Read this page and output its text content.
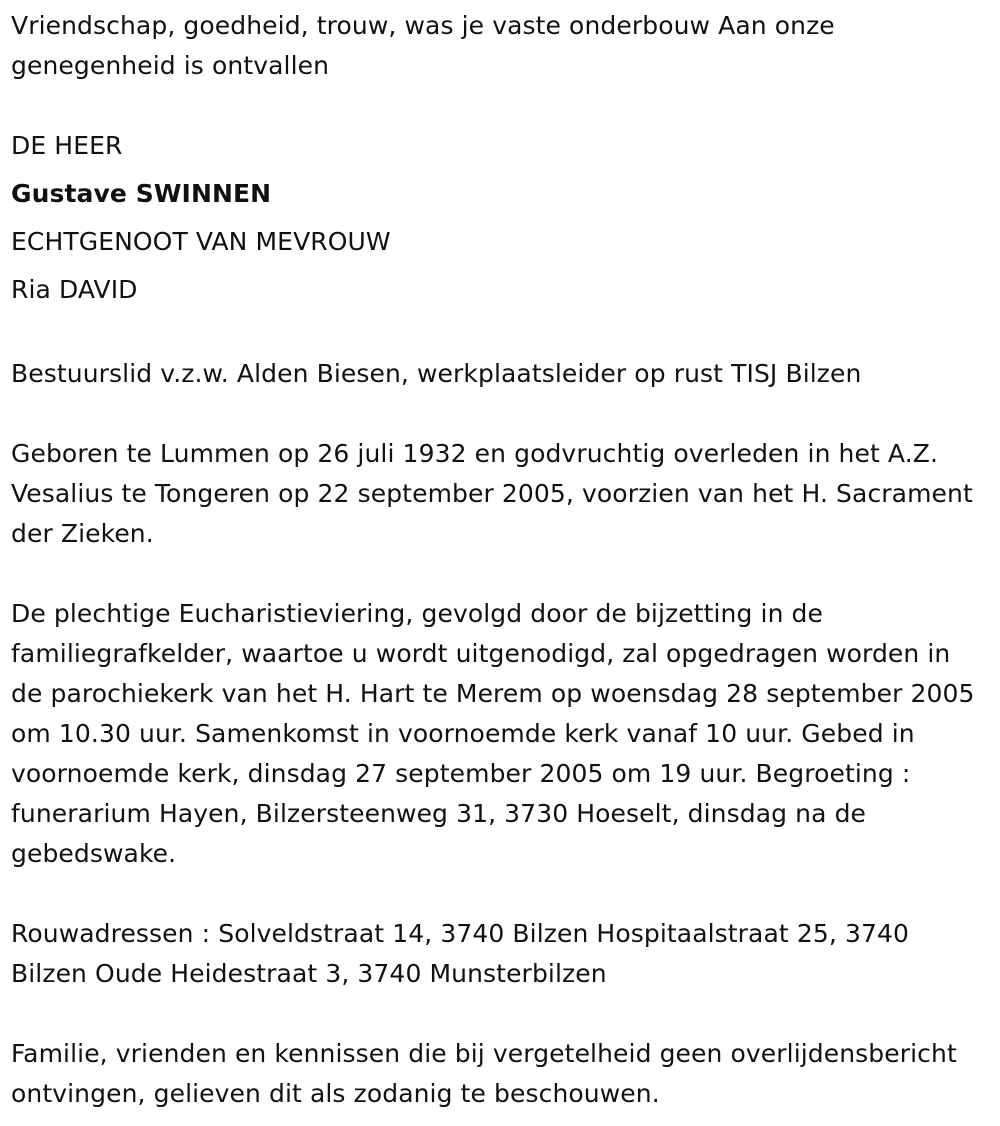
Vriendschap, goedheid, trouw, was je vaste onderbouw Aan onze genegenheid is ontvallen

DE HEER
Gustave SWINNEN
ECHTGENOOT VAN MEVROUW
Ria DAVID

Bestuurslid v.z.w. Alden Biesen, werkplaatsleider op rust TISJ Bilzen

Geboren te Lummen op 26 juli 1932 en godvruchtig overleden in het A.Z. Vesalius te Tongeren op 22 september 2005, voorzien van het H. Sacrament der Zieken.

De plechtige Eucharistieviering, gevolgd door de bijzetting in de familiegrafkelder, waartoe u wordt uitgenodigd, zal opgedragen worden in de parochiekerk van het H. Hart te Merem op woensdag 28 september 2005 om 10.30 uur. Samenkomst in voornoemde kerk vanaf 10 uur. Gebed in voornoemde kerk, dinsdag 27 september 2005 om 19 uur. Begroeting : funerarium Hayen, Bilzersteenweg 31, 3730 Hoeselt, dinsdag na de gebedswake.

Rouwadressen : Solveldstraat 14, 3740 Bilzen Hospitaalstraat 25, 3740 Bilzen Oude Heidestraat 3, 3740 Munsterbilzen

Familie, vrienden en kennissen die bij vergetelheid geen overlijdensbericht ontvingen, gelieven dit als zodanig te beschouwen.
